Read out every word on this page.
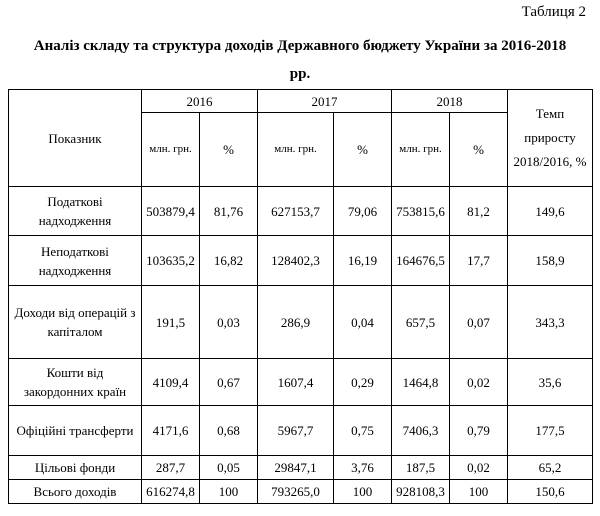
Таблиця 2
Аналіз складу та структура доходів Державного бюджету України за 2016-2018
рр.
Показник	2016		2017		2018		Темп приросту 2018/2016, %
	млн. грн.	%	млн. грн.	%	млн. грн.	%	
Податкові надходження	503879,4	81,76	627153,7	79,06	753815,6	81,2	149,6
Неподаткові надходження	103635,2	16,82	128402,3	16,19	164676,5	17,7	158,9
Доходи від операцій з капіталом	191,5	0,03	286,9	0,04	657,5	0,07	343,3
Кошти від закордонних країн	4109,4	0,67	1607,4	0,29	1464,8	0,02	35,6
Офіційні трансферти	4171,6	0,68	5967,7	0,75	7406,3	0,79	177,5
Цільові фонди	287,7	0,05	29847,1	3,76	187,5	0,02	65,2
Всього доходів	616274,8	100	793265,0	100	928108,3	100	150,6
